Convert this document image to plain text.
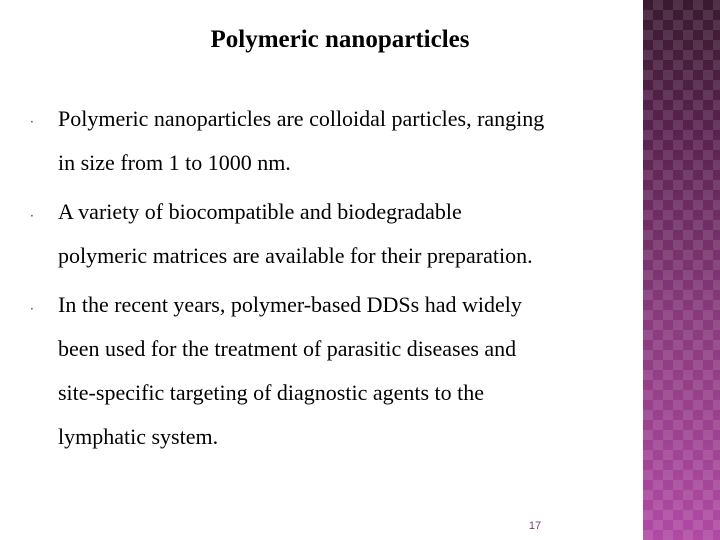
Polymeric nanoparticles
· Polymeric nanoparticles are colloidal particles, ranging
in size from 1 to 1000 nm.
· A variety of biocompatible and biodegradable
polymeric matrices are available for their preparation.
· In the recent years, polymer-based DDSs had widely
been used for the treatment of parasitic diseases and
site-specific targeting of diagnostic agents to the
lymphatic system.
17
